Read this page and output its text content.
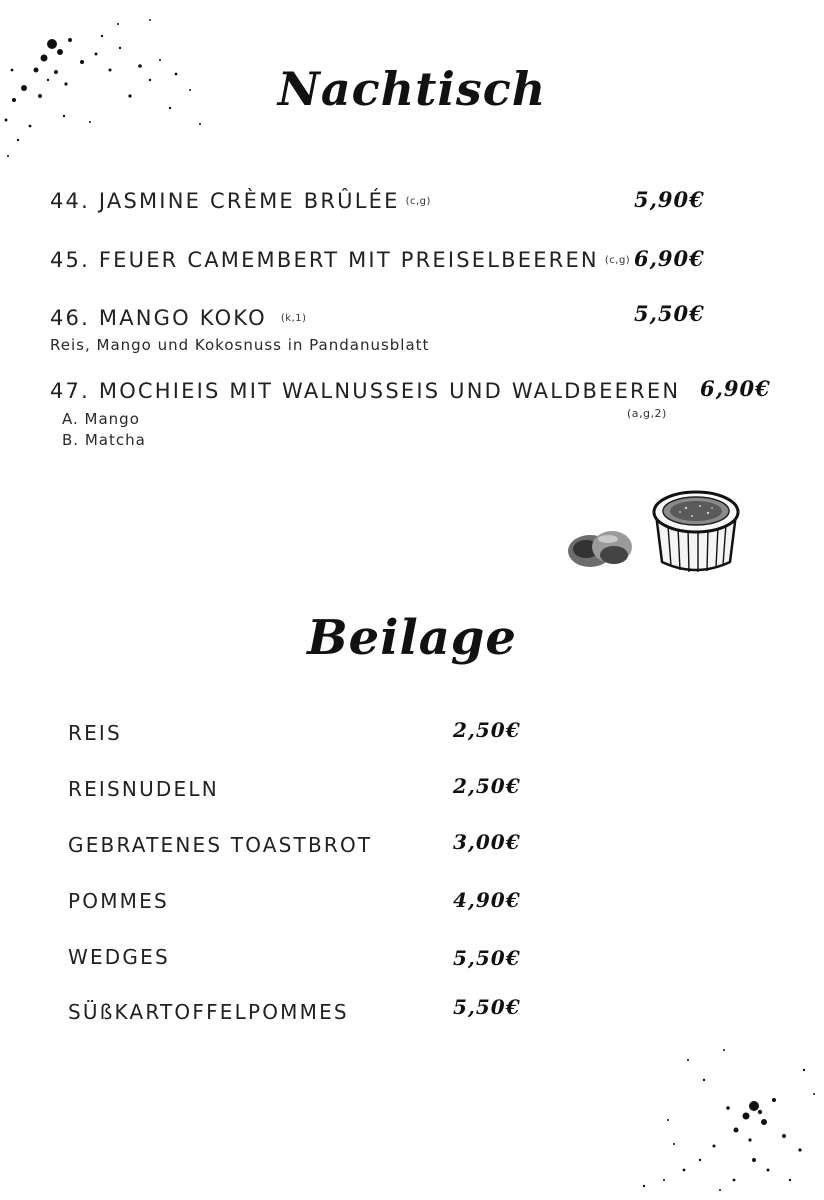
Nachtisch
44. JASMINE CRÈME BRÛLÉE (c,g)	5,90€
45. FEUER CAMEMBERT MIT PREISELBEEREN (c,g) 6,90€
46. MANGO KOKO (k,1)	5,50€
Reis, Mango und Kokosnuss in Pandanusblatt
47. MOCHIEIS MIT WALNUSSEIS UND WALDBEEREN 6,90€
(a,g,2)
A. Mango
B. Matcha
Beilage
REIS	2,50€
REISNUDELN	2,50€
GEBRATENES TOASTBROT	3,00€
POMMES	4,90€
WEDGES	5,50€
SÜßKARTOFFELPOMMES	5,50€
